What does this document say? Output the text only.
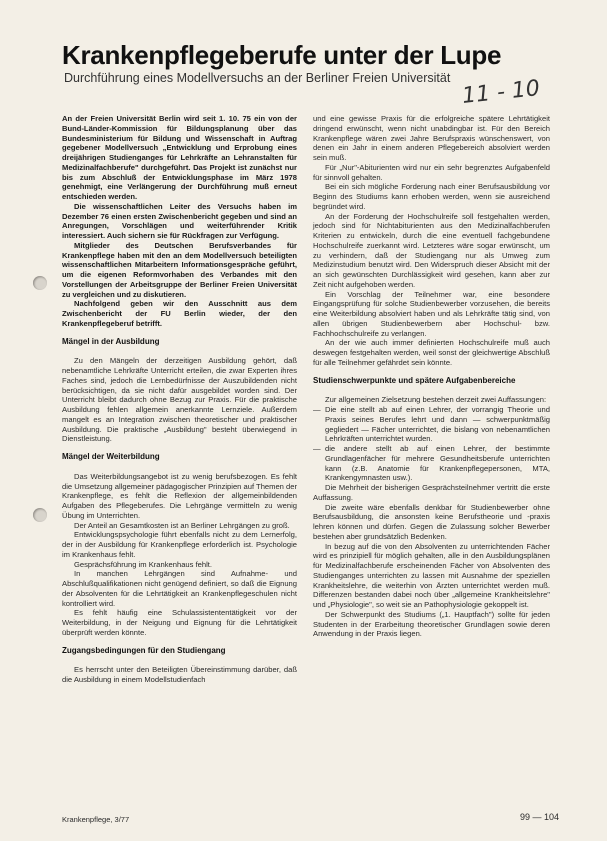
Krankenpflegeberufe unter der Lupe
Durchführung eines Modellversuchs an der Berliner Freien Universität 11 - 10

An der Freien Universität Berlin wird seit 1. 10. 75 ein von der Bund-Länder-Kommission für Bildungsplanung über das Bundesministerium für Bildung und Wissenschaft in Auftrag gegebener Modellversuch „Entwicklung und Erprobung eines dreijährigen Studienganges für Lehrkräfte an Lehranstalten für Medizinalfachberufe" durchgeführt. Das Projekt ist zunächst nur bis zum Abschluß der Entwicklungsphase im März 1978 genehmigt, eine Verlängerung der Durchführung muß erneut entschieden werden.

Die wissenschaftlichen Leiter des Versuchs haben im Dezember 76 einen ersten Zwischenbericht gegeben und sind an Anregungen, Vorschlägen und weiterführender Kritik interessiert. Auch sichern sie für Rückfragen zur Verfügung.

Mitglieder des Deutschen Berufsverbandes für Krankenpflege haben mit den an dem Modellversuch beteiligten wissenschaftlichen Mitarbeitern Informationsgespräche geführt, um die eigenen Reformvorhaben des Verbandes mit den Vorstellungen der Arbeitsgruppe der Berliner Freien Universität zu vergleichen und zu diskutieren.

Nachfolgend geben wir den Ausschnitt aus dem Zwischenbericht der FU Berlin wieder, der den Krankenpflegeberuf betrifft.

Mängel in der Ausbildung

Zu den Mängeln der derzeitigen Ausbildung gehört, daß nebenamtliche Lehrkräfte Unterricht erteilen, die zwar Experten ihres Faches sind, jedoch die Lernbedürfnisse der Auszubildenden nicht berücksichtigen, da sie nicht dafür ausgebildet worden sind. Der Unterricht bleibt dadurch ohne Bezug zur Praxis. Für die praktische Ausbildung fehlen allgemein anerkannte Lernziele. Außerdem mangelt es an Integration zwischen theoretischer und praktischer Ausbildung. Die praktische „Ausbildung" besteht überwiegend in Dienstleistung.

Mängel der Weiterbildung

Das Weiterbildungsangebot ist zu wenig berufsbezogen. Es fehlt die Umsetzung allgemeiner pädagogischer Prinzipien auf Themen der Krankenpflege, es fehlt die Reflexion der allgemeinbildenden Aufgaben des Pflegeberufes. Die Lehrgänge vermitteln zu wenig Übung im Unterrichten.

Der Anteil an Gesamtkosten ist an Berliner Lehrgängen zu groß.

Entwicklungspsychologie führt ebenfalls nicht zu dem Lernerfolg, der in der Ausbildung für Krankenpflege erforderlich ist. Psychologie im Krankenhaus fehlt.

Gesprächsführung im Krankenhaus fehlt.

In manchen Lehrgängen sind Aufnahme- und Abschlußqualifikationen nicht genügend definiert, so daß die Eignung der Absolventen für die Lehrtätigkeit an Krankenpflegeschulen nicht kontrolliert wird.

Es fehlt häufig eine Schulassistententätigkeit vor der Weiterbildung, in der Neigung und Eignung für die Lehrtätigkeit überprüft werden könnte.

Zugangsbedingungen für den Studiengang

Es herrscht unter den Beteiligten Übereinstimmung darüber, daß die Ausbildung in einem Modellstudienfach

und eine gewisse Praxis für die erfolgreiche spätere Lehrtätigkeit dringend erwünscht, wenn nicht unabdingbar ist. Für den Bereich Krankenpflege wären zwei Jahre Berufspraxis wünschenswert, von denen ein Jahr in einem anderen Pflegebereich absolviert werden sein muß.

Für „Nur"-Abiturienten wird nur ein sehr begrenztes Aufgabenfeld für sinnvoll gehalten.

Bei ein sich mögliche Forderung nach einer Berufsausbildung vor Beginn des Studiums kann erhoben werden, wenn sie ausreichend begründet wird.

An der Forderung der Hochschulreife soll festgehalten werden, jedoch sind für Nichtabiturienten aus den Medizinalfachberufen Kriterien zu entwickeln, durch die eine eventuell fachgebundene Hochschulreife zuerkannt wird. Letzteres wäre sogar erwünscht, um zu verhindern, daß der Studiengang nur als Umweg zum Medizinstudium benutzt wird. Den Widerspruch dieser Absicht mit der an sich gewünschten Durchlässigkeit wird gesehen, kann aber zur Zeit nicht aufgehoben werden.

Ein Vorschlag der Teilnehmer war, eine besondere Eingangsprüfung für solche Studienbewerber vorzusehen, die bereits eine Weiterbildung absolviert haben und als Lehrkräfte tätig sind, von allen übrigen Studienbewerbern aber Hochschul- bzw. Fachhochschulreife zu verlangen.

An der wie auch immer definierten Hochschulreife muß auch deswegen festgehalten werden, weil sonst der gleichwertige Abschluß für alle Teilnehmer gefährdet sein könnte.

Studienschwerpunkte und spätere Aufgabenbereiche

Zur allgemeinen Zielsetzung bestehen derzeit zwei Auffassungen:

— Die eine stellt ab auf einen Lehrer, der vorrangig Theorie und Praxis seines Berufes lehrt und dann — schwerpunktmäßig gegliedert — Fächer unterrichtet, die bislang von nebenamtlichen Lehrkräften unterrichtet wurden.
— die andere stellt ab auf einen Lehrer, der bestimmte Grundlagenfächer für mehrere Gesundheitsberufe unterrichten kann (z.B. Anatomie für Krankenpflegepersonen, MTA, Krankengymnasten usw.).

Die Mehrheit der bisherigen Gesprächsteilnehmer vertritt die erste Auffassung.

Die zweite wäre ebenfalls denkbar für Studienbewerber ohne Berufsausbildung, die ansonsten keine Berufstheorie und -praxis lehren können und dürfen. Gegen die Zulassung solcher Bewerber bestehen aber grundsätzlich Bedenken.

In bezug auf die von den Absolventen zu unterrichtenden Fächer wird es prinzipiell für möglich gehalten, alle in den Ausbildungsplänen für Medizinalfachberufe erscheinenden Fächer von Absolventen des Studienganges unterrichten zu lassen mit Ausnahme der speziellen Krankheitslehre, die weiterhin von Ärzten unterrichtet werden muß. Differenzen bestanden dabei noch über „allgemeine Krankheitslehre" und „Physiologie", so weit sie an Pathophysiologie gekoppelt ist.

Der Schwerpunkt des Studiums („1. Hauptfach") sollte für jeden Studenten in der Erarbeitung theoretischer Grundlagen sowie deren Anwendung in der Praxis liegen.

Krankenpflege, 3/77	99 — 104
